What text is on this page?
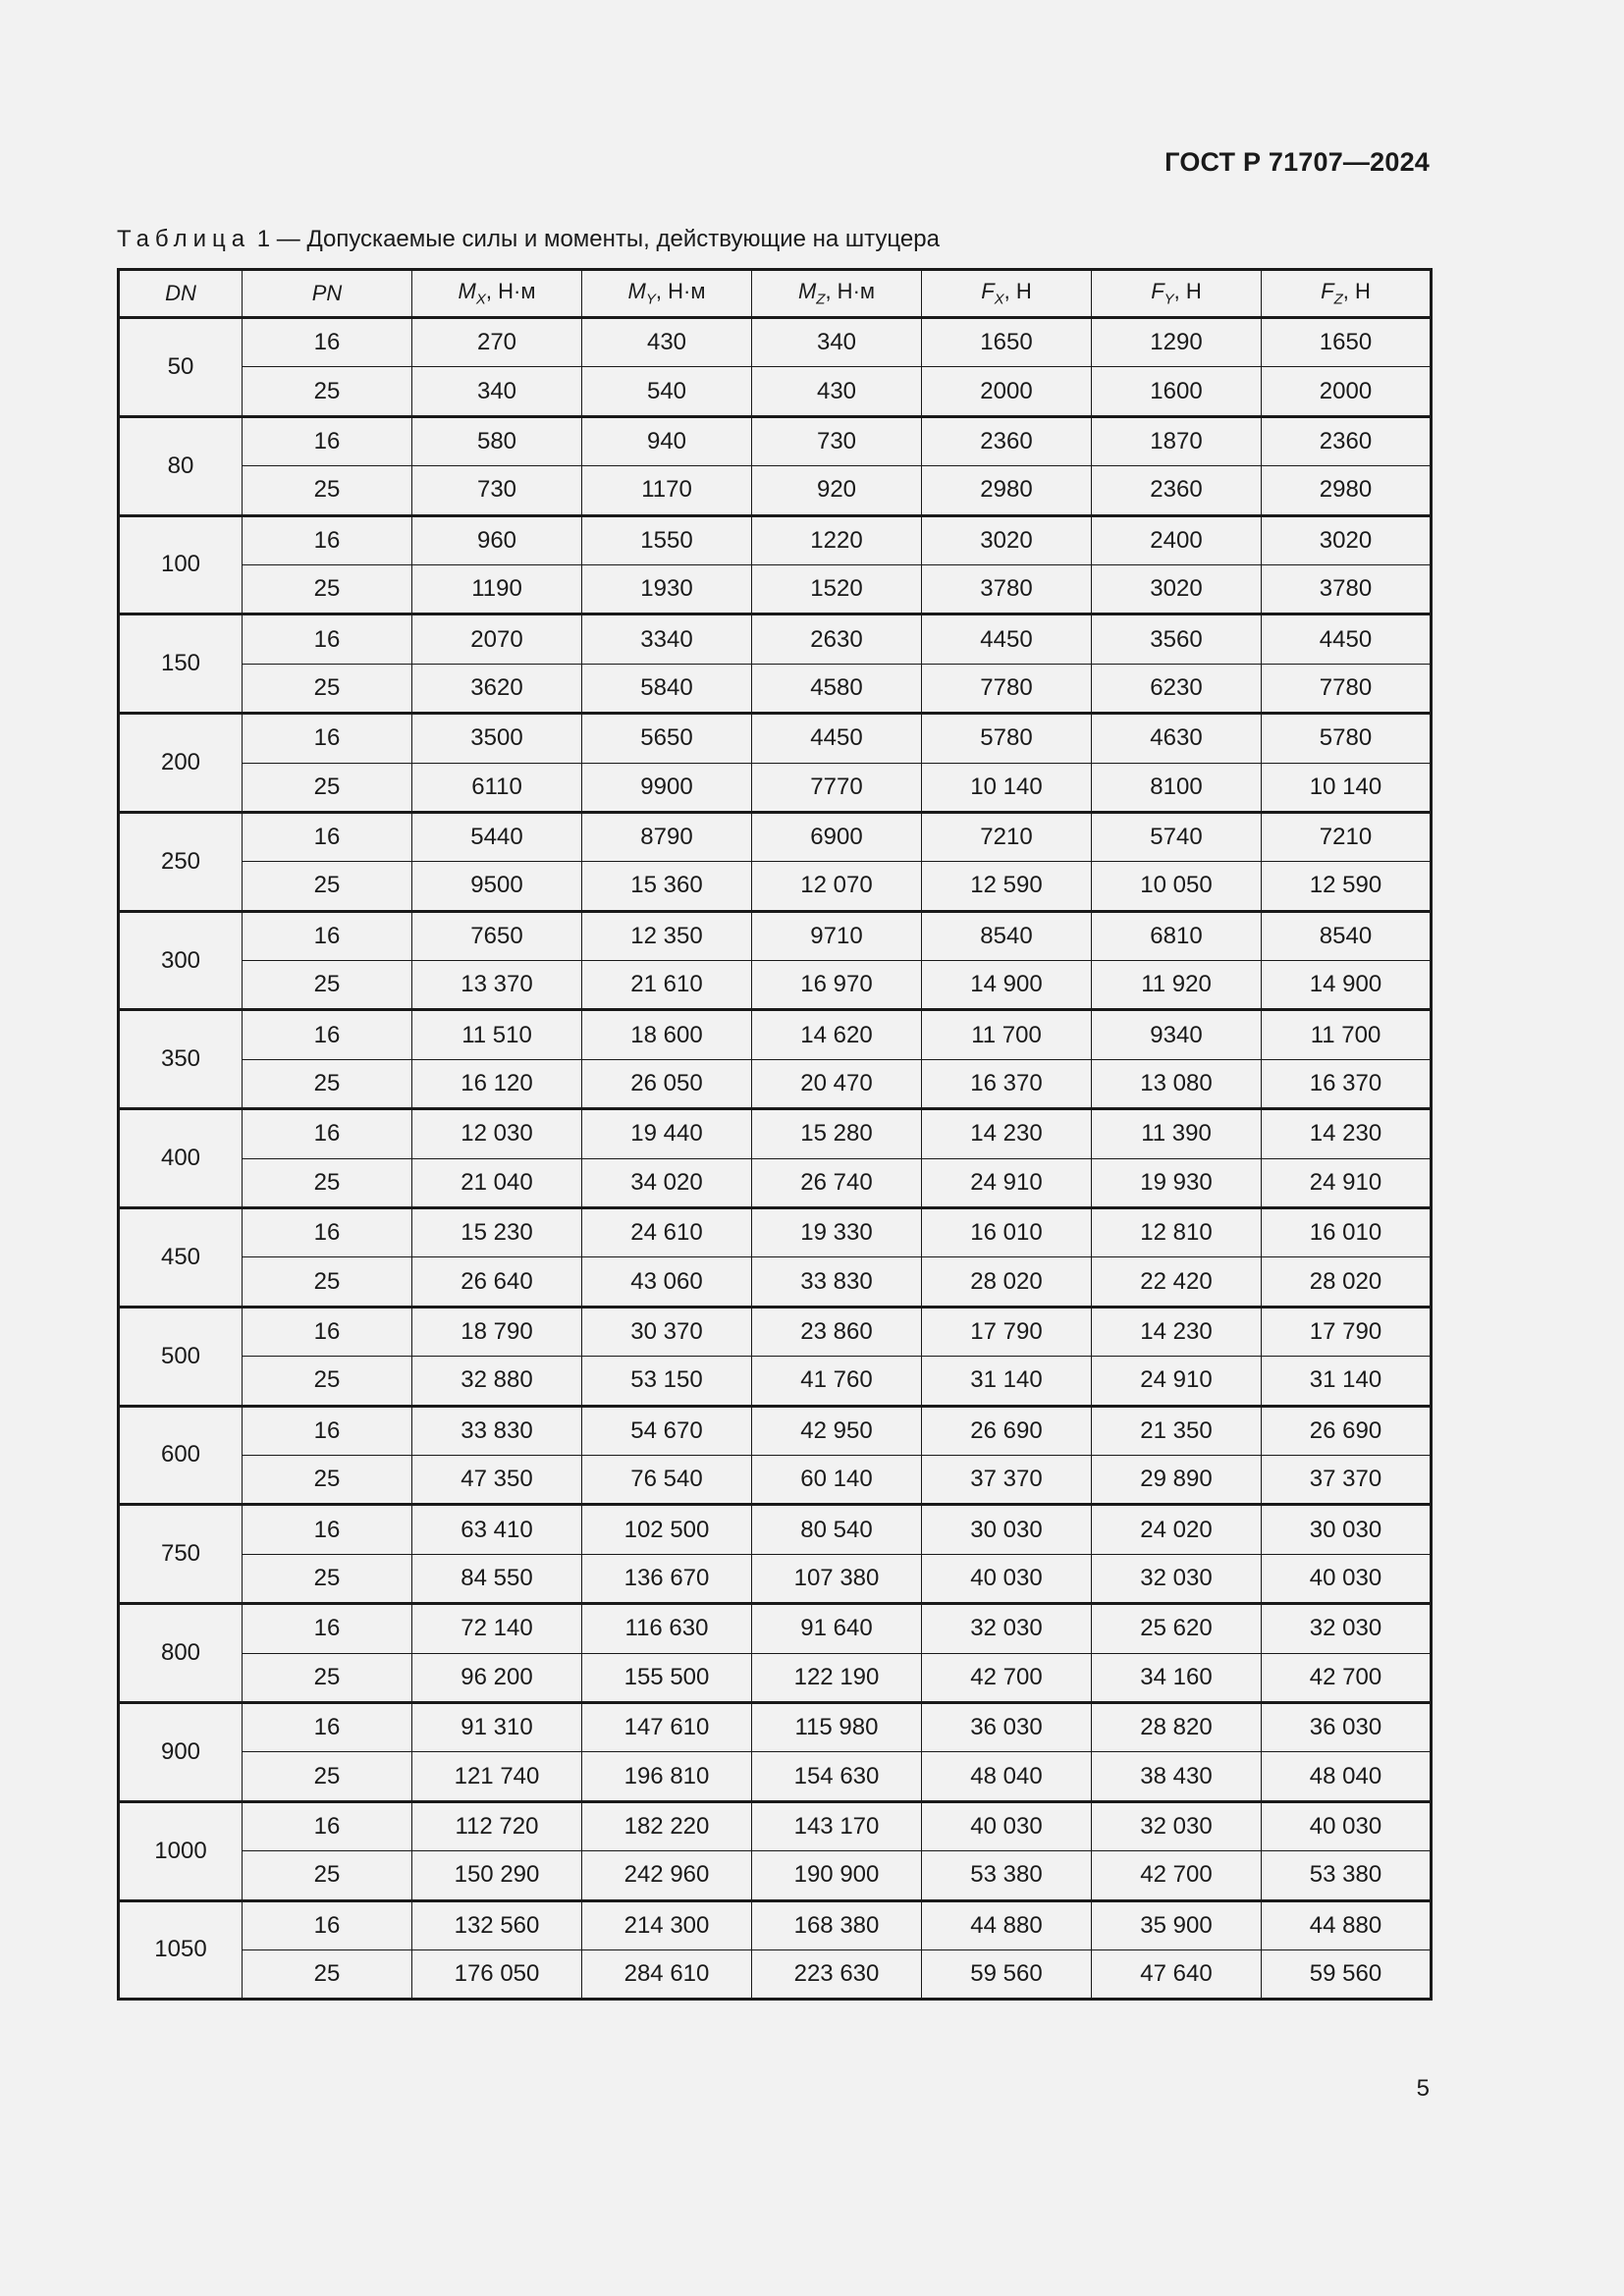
ГОСТ Р 71707—2024
Таблица 1 — Допускаемые силы и моменты, действующие на штуцера
DN	PN	$M_X$, Н·м	$M_Y$, Н·м	$M_Z$, Н·м	$F_X$, Н	$F_Y$, Н	$F_Z$, Н
50	16	270	430	340	1650	1290	1650
	25	340	540	430	2000	1600	2000
80	16	580	940	730	2360	1870	2360
	25	730	1170	920	2980	2360	2980
100	16	960	1550	1220	3020	2400	3020
	25	1190	1930	1520	3780	3020	3780
150	16	2070	3340	2630	4450	3560	4450
	25	3620	5840	4580	7780	6230	7780
200	16	3500	5650	4450	5780	4630	5780
	25	6110	9900	7770	10 140	8100	10 140
250	16	5440	8790	6900	7210	5740	7210
	25	9500	15 360	12 070	12 590	10 050	12 590
300	16	7650	12 350	9710	8540	6810	8540
	25	13 370	21 610	16 970	14 900	11 920	14 900
350	16	11 510	18 600	14 620	11 700	9340	11 700
	25	16 120	26 050	20 470	16 370	13 080	16 370
400	16	12 030	19 440	15 280	14 230	11 390	14 230
	25	21 040	34 020	26 740	24 910	19 930	24 910
450	16	15 230	24 610	19 330	16 010	12 810	16 010
	25	26 640	43 060	33 830	28 020	22 420	28 020
500	16	18 790	30 370	23 860	17 790	14 230	17 790
	25	32 880	53 150	41 760	31 140	24 910	31 140
600	16	33 830	54 670	42 950	26 690	21 350	26 690
	25	47 350	76 540	60 140	37 370	29 890	37 370
750	16	63 410	102 500	80 540	30 030	24 020	30 030
	25	84 550	136 670	107 380	40 030	32 030	40 030
800	16	72 140	116 630	91 640	32 030	25 620	32 030
	25	96 200	155 500	122 190	42 700	34 160	42 700
900	16	91 310	147 610	115 980	36 030	28 820	36 030
	25	121 740	196 810	154 630	48 040	38 430	48 040
1000	16	112 720	182 220	143 170	40 030	32 030	40 030
	25	150 290	242 960	190 900	53 380	42 700	53 380
1050	16	132 560	214 300	168 380	44 880	35 900	44 880
	25	176 050	284 610	223 630	59 560	47 640	59 560
5
